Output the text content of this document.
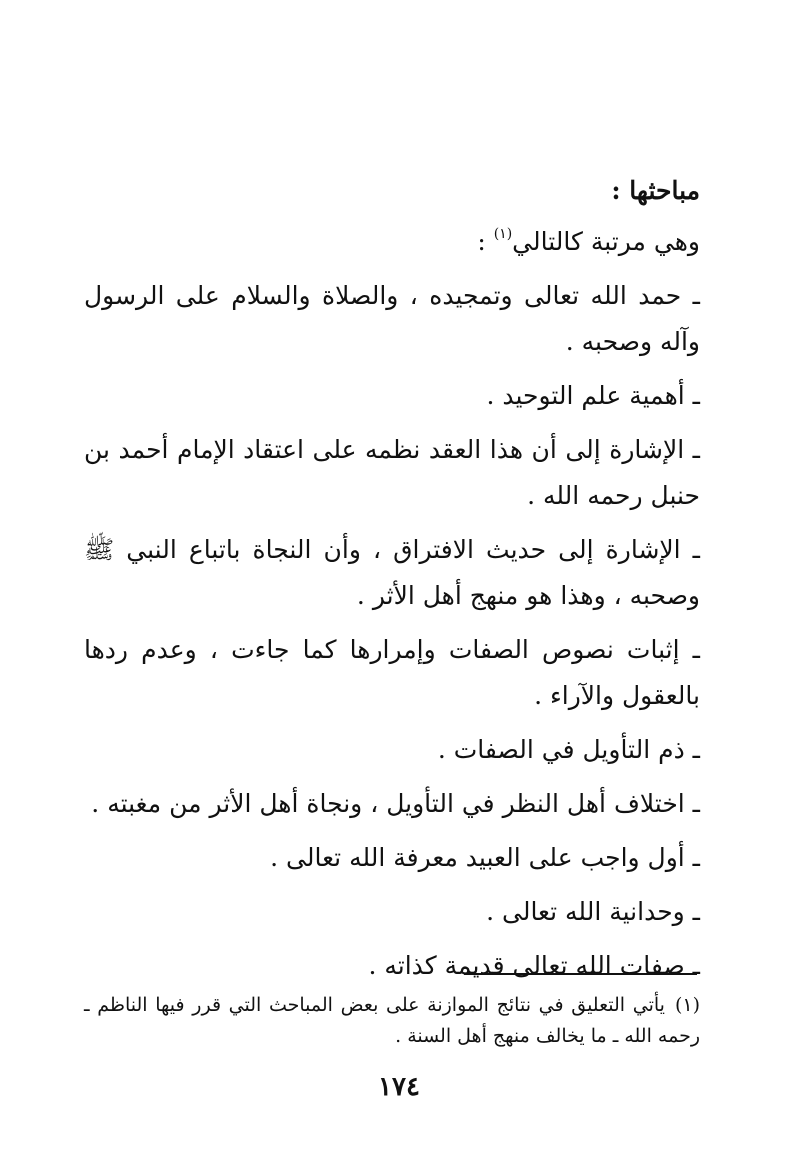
مباحثها :

وهي مرتبة كالتالي$^{(١)}$ :

ـ حمد الله تعالى وتمجيده ، والصلاة والسلام على الرسول وآله وصحبه .

ـ أهمية علم التوحيد .

ـ الإشارة إلى أن هذا العقد نظمه على اعتقاد الإمام أحمد بن حنبل رحمه الله .

ـ الإشارة إلى حديث الافتراق ، وأن النجاة باتباع النبي ﷺ وصحبه ، وهذا هو منهج أهل الأثر .

ـ إثبات نصوص الصفات وإمرارها كما جاءت ، وعدم ردها بالعقول والآراء .

ـ ذم التأويل في الصفات .

ـ اختلاف أهل النظر في التأويل ، ونجاة أهل الأثر من مغبته .

ـ أول واجب على العبيد معرفة الله تعالى .

ـ وحدانية الله تعالى .

ـ صفات الله تعالى قديمة كذاته .

(١)يأتي التعليق في نتائج الموازنة على بعض المباحث التي قرر فيها الناظم ـ رحمه الله ـ ما يخالف منهج أهل السنة .
١٧٤
